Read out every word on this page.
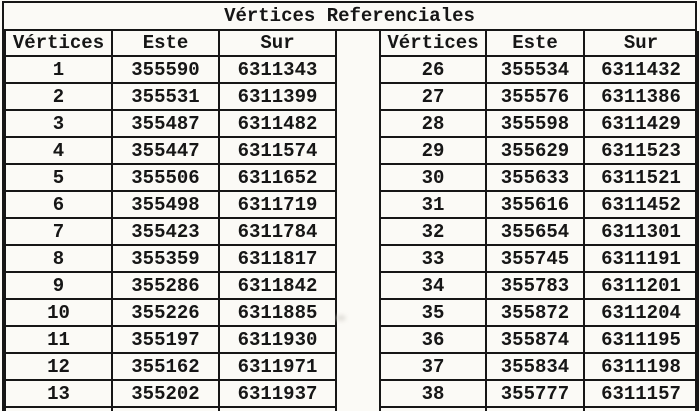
Vértices Referenciales
Vértices	Este	Sur
1	355590	6311343
2	355531	6311399
3	355487	6311482
4	355447	6311574
5	355506	6311652
6	355498	6311719
7	355423	6311784
8	355359	6311817
9	355286	6311842
10	355226	6311885
11	355197	6311930
12	355162	6311971
13	355202	6311937

Vértices	Este	Sur
26	355534	6311432
27	355576	6311386
28	355598	6311429
29	355629	6311523
30	355633	6311521
31	355616	6311452
32	355654	6311301
33	355745	6311191
34	355783	6311201
35	355872	6311204
36	355874	6311195
37	355834	6311198
38	355777	6311157
